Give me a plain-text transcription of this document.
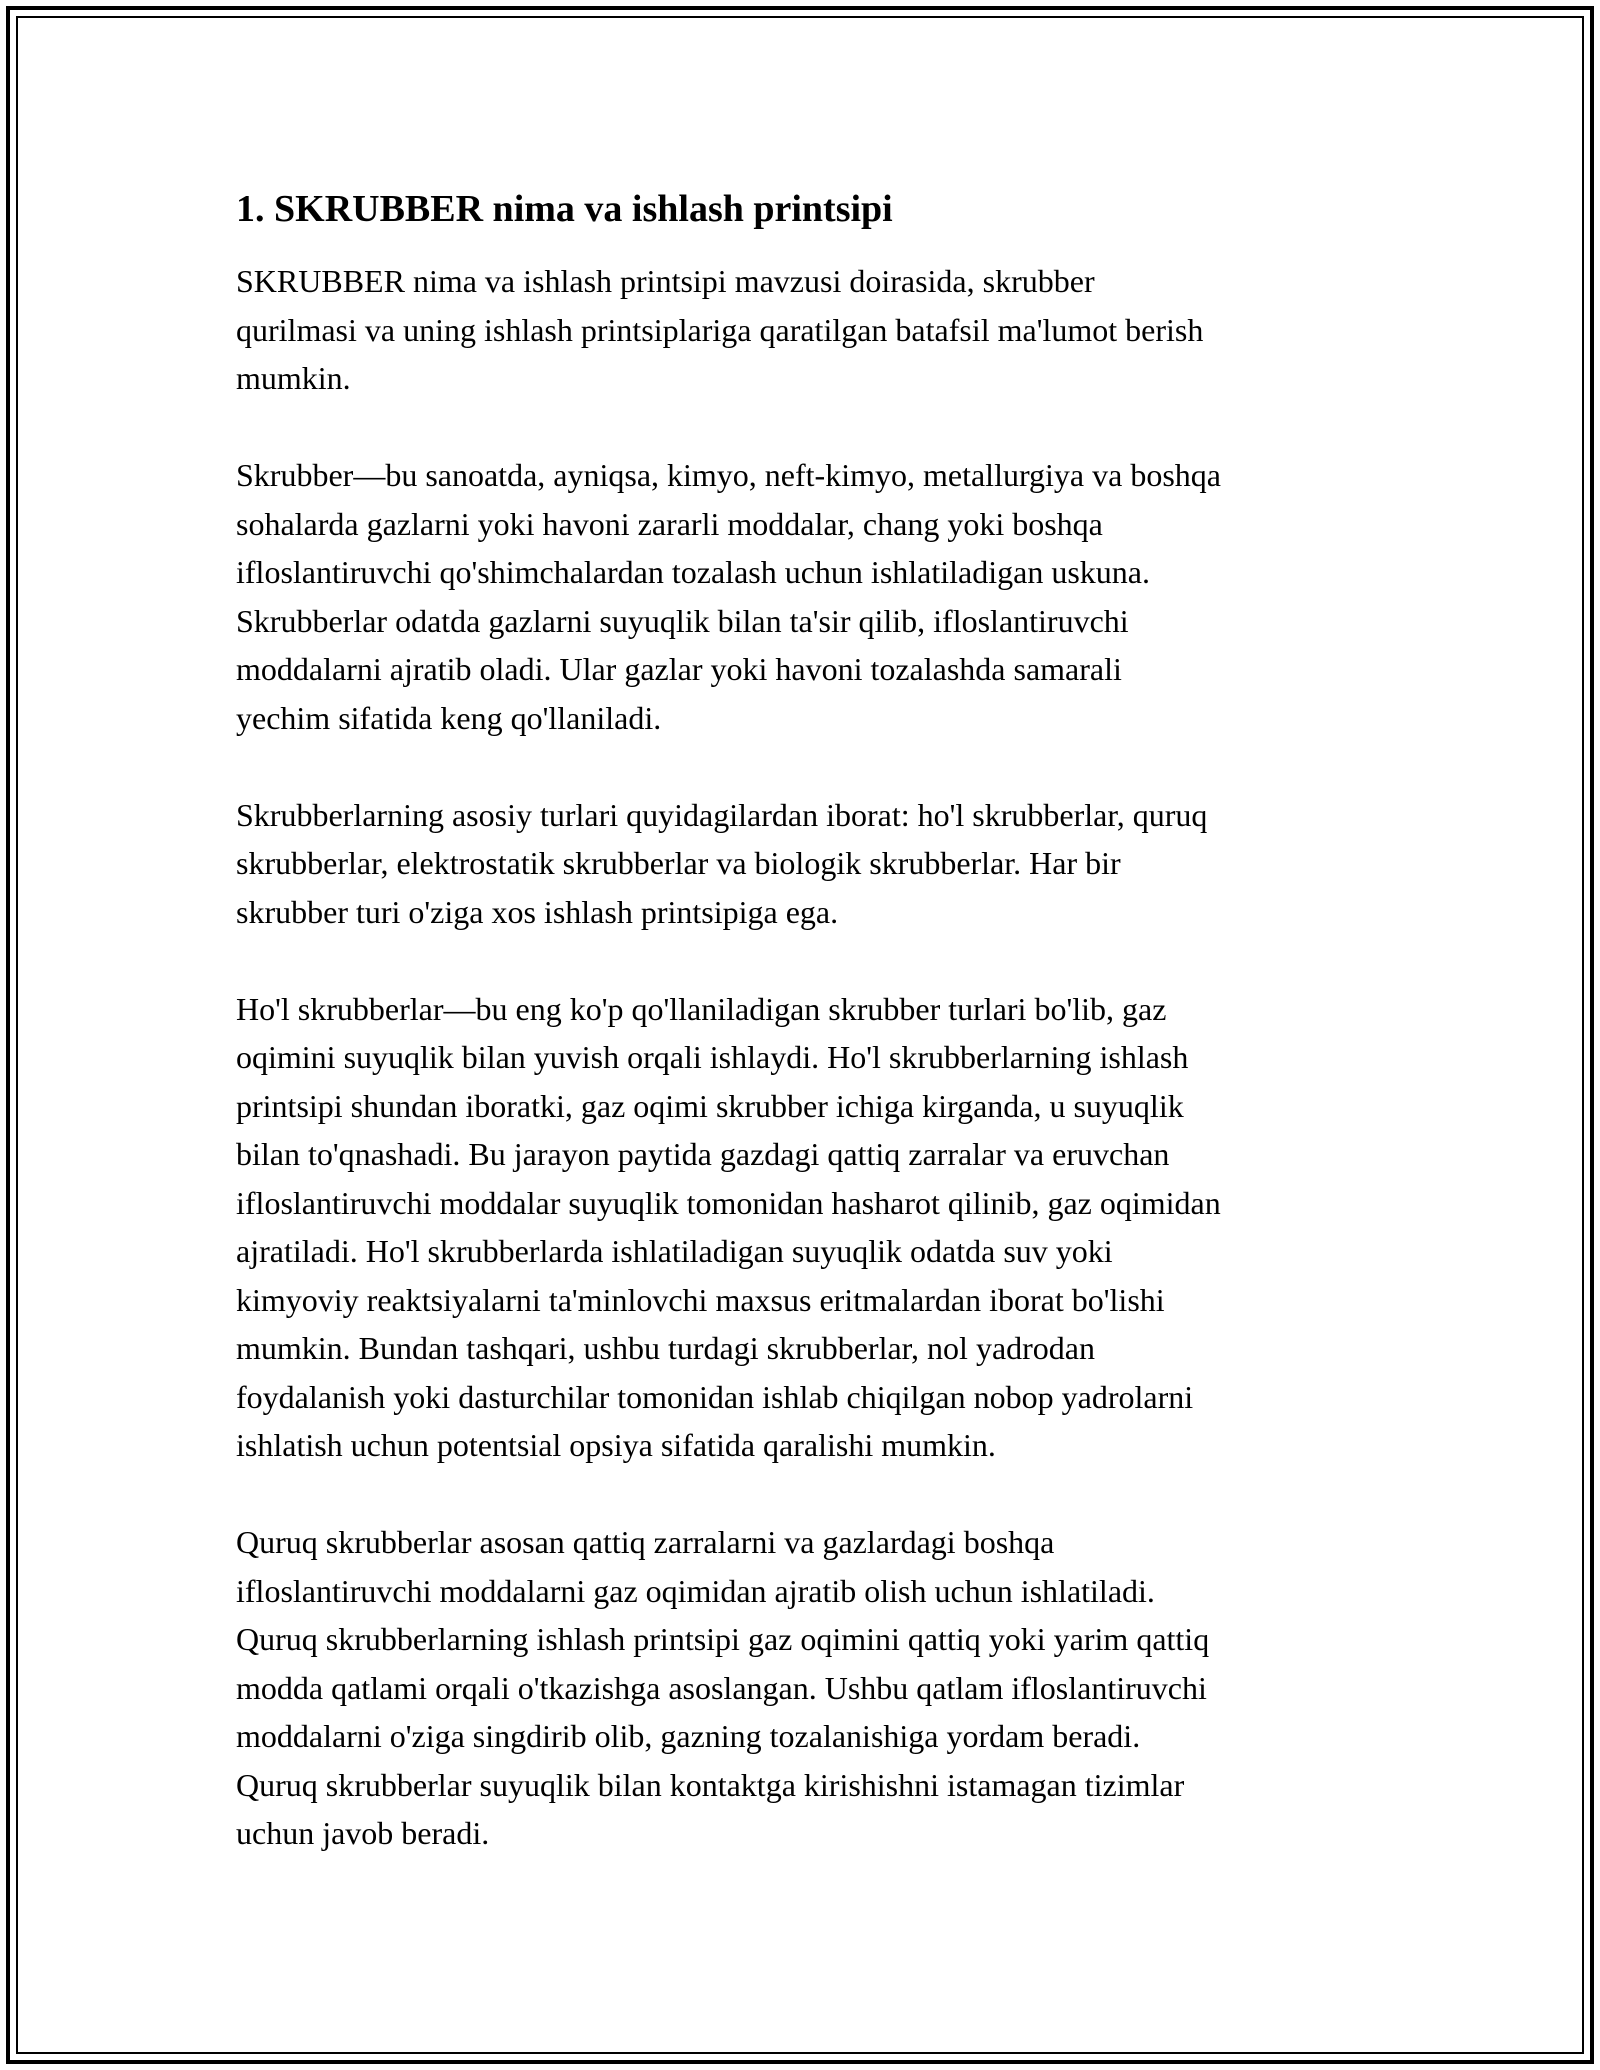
1. SKRUBBER nima va ishlash printsipi

SKRUBBER nima va ishlash printsipi mavzusi doirasida, skrubber
qurilmasi va uning ishlash printsiplariga qaratilgan batafsil ma'lumot berish
mumkin.

Skrubber—bu sanoatda, ayniqsa, kimyo, neft-kimyo, metallurgiya va boshqa
sohalarda gazlarni yoki havoni zararli moddalar, chang yoki boshqa
ifloslantiruvchi qo'shimchalardan tozalash uchun ishlatiladigan uskuna.
Skrubberlar odatda gazlarni suyuqlik bilan ta'sir qilib, ifloslantiruvchi
moddalarni ajratib oladi. Ular gazlar yoki havoni tozalashda samarali
yechim sifatida keng qo'llaniladi.

Skrubberlarning asosiy turlari quyidagilardan iborat: ho'l skrubberlar, quruq
skrubberlar, elektrostatik skrubberlar va biologik skrubberlar. Har bir
skrubber turi o'ziga xos ishlash printsipiga ega.

Ho'l skrubberlar—bu eng ko'p qo'llaniladigan skrubber turlari bo'lib, gaz
oqimini suyuqlik bilan yuvish orqali ishlaydi. Ho'l skrubberlarning ishlash
printsipi shundan iboratki, gaz oqimi skrubber ichiga kirganda, u suyuqlik
bilan to'qnashadi. Bu jarayon paytida gazdagi qattiq zarralar va eruvchan
ifloslantiruvchi moddalar suyuqlik tomonidan hasharot qilinib, gaz oqimidan
ajratiladi. Ho'l skrubberlarda ishlatiladigan suyuqlik odatda suv yoki
kimyoviy reaktsiyalarni ta'minlovchi maxsus eritmalardan iborat bo'lishi
mumkin. Bundan tashqari, ushbu turdagi skrubberlar, nol yadrodan
foydalanish yoki dasturchilar tomonidan ishlab chiqilgan nobop yadrolarni
ishlatish uchun potentsial opsiya sifatida qaralishi mumkin.

Quruq skrubberlar asosan qattiq zarralarni va gazlardagi boshqa
ifloslantiruvchi moddalarni gaz oqimidan ajratib olish uchun ishlatiladi.
Quruq skrubberlarning ishlash printsipi gaz oqimini qattiq yoki yarim qattiq
modda qatlami orqali o'tkazishga asoslangan. Ushbu qatlam ifloslantiruvchi
moddalarni o'ziga singdirib olib, gazning tozalanishiga yordam beradi.
Quruq skrubberlar suyuqlik bilan kontaktga kirishishni istamagan tizimlar
uchun javob beradi.
